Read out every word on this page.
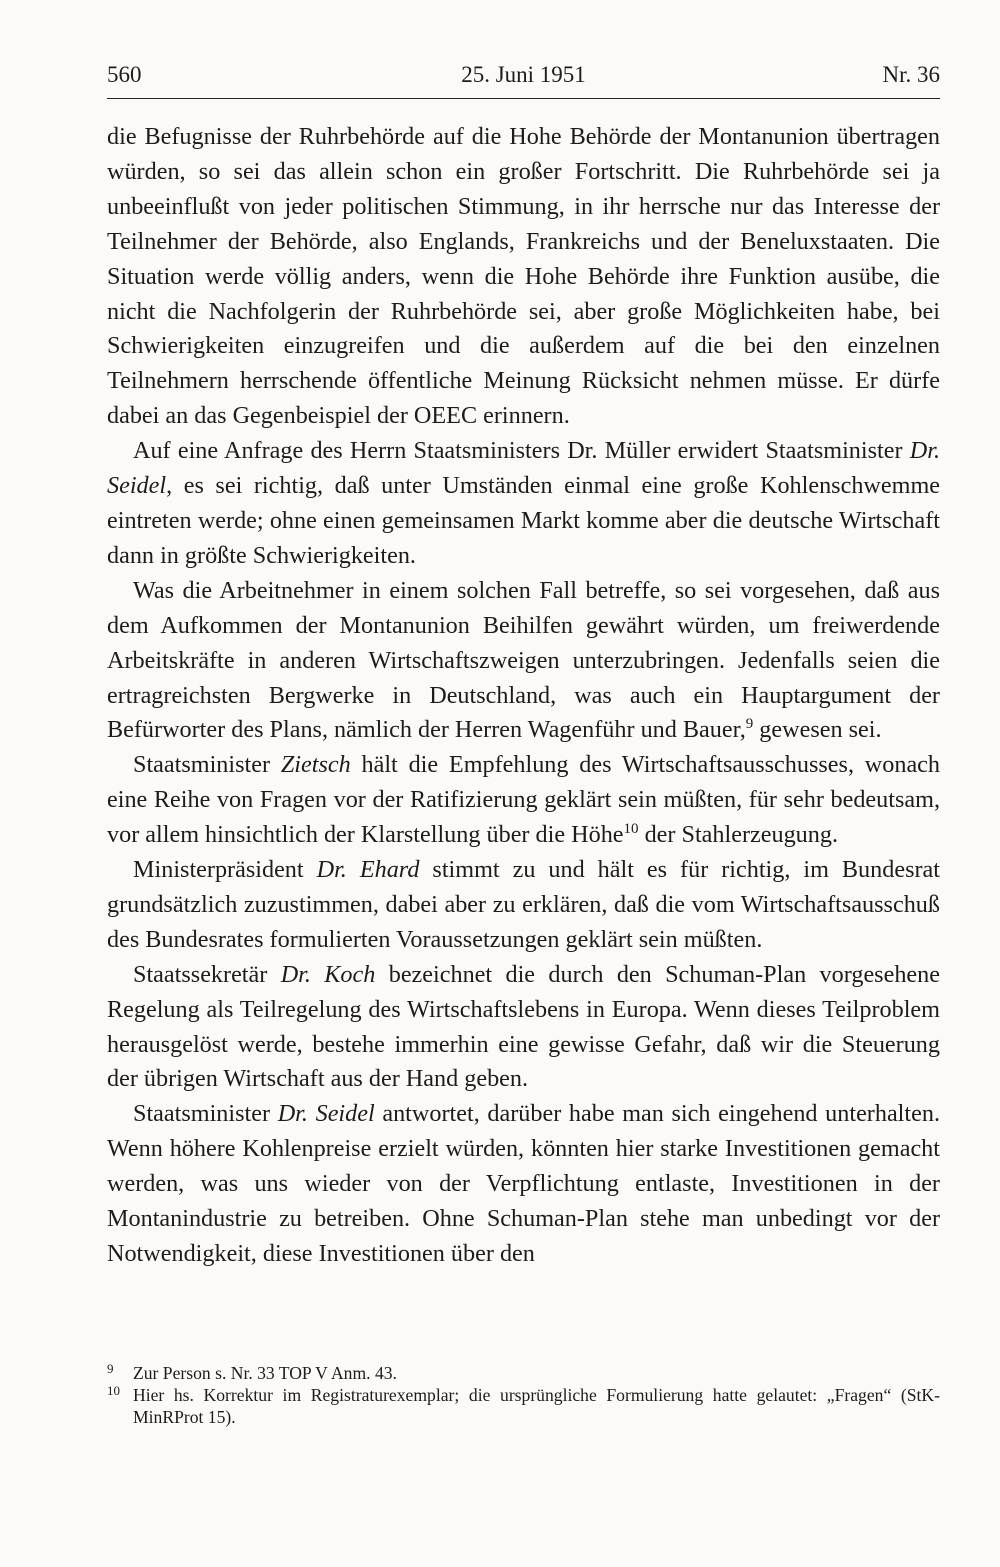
560	25. Juni 1951	Nr. 36

die Befugnisse der Ruhrbehörde auf die Hohe Behörde der Montanunion übertragen würden, so sei das allein schon ein großer Fortschritt. Die Ruhrbehörde sei ja unbeeinflußt von jeder politischen Stimmung, in ihr herrsche nur das Interesse der Teilnehmer der Behörde, also Englands, Frankreichs und der Beneluxstaaten. Die Situation werde völlig anders, wenn die Hohe Behörde ihre Funktion ausübe, die nicht die Nachfolgerin der Ruhrbehörde sei, aber große Möglichkeiten habe, bei Schwierigkeiten einzugreifen und die außerdem auf die bei den einzelnen Teilnehmern herrschende öffentliche Meinung Rücksicht nehmen müsse. Er dürfe dabei an das Gegenbeispiel der OEEC erinnern.

Auf eine Anfrage des Herrn Staatsministers Dr. Müller erwidert Staatsminister Dr. Seidel, es sei richtig, daß unter Umständen einmal eine große Kohlenschwemme eintreten werde; ohne einen gemeinsamen Markt komme aber die deutsche Wirtschaft dann in größte Schwierigkeiten.

Was die Arbeitnehmer in einem solchen Fall betreffe, so sei vorgesehen, daß aus dem Aufkommen der Montanunion Beihilfen gewährt würden, um freiwerdende Arbeitskräfte in anderen Wirtschaftszweigen unterzubringen. Jedenfalls seien die ertragreichsten Bergwerke in Deutschland, was auch ein Hauptargument der Befürworter des Plans, nämlich der Herren Wagenführ und Bauer,$^9$ gewesen sei.

Staatsminister Zietsch hält die Empfehlung des Wirtschaftsausschusses, wonach eine Reihe von Fragen vor der Ratifizierung geklärt sein müßten, für sehr bedeutsam, vor allem hinsichtlich der Klarstellung über die Höhe$^{10}$ der Stahlerzeugung.

Ministerpräsident Dr. Ehard stimmt zu und hält es für richtig, im Bundesrat grundsätzlich zuzustimmen, dabei aber zu erklären, daß die vom Wirtschaftsausschuß des Bundesrates formulierten Voraussetzungen geklärt sein müßten.

Staatssekretär Dr. Koch bezeichnet die durch den Schuman-Plan vorgesehene Regelung als Teilregelung des Wirtschaftslebens in Europa. Wenn dieses Teilproblem herausgelöst werde, bestehe immerhin eine gewisse Gefahr, daß wir die Steuerung der übrigen Wirtschaft aus der Hand geben.

Staatsminister Dr. Seidel antwortet, darüber habe man sich eingehend unterhalten. Wenn höhere Kohlenpreise erzielt würden, könnten hier starke Investitionen gemacht werden, was uns wieder von der Verpflichtung entlaste, Investitionen in der Montanindustrie zu betreiben. Ohne Schuman-Plan stehe man unbedingt vor der Notwendigkeit, diese Investitionen über den

9 Zur Person s. Nr. 33 TOP V Anm. 43.
10 Hier hs. Korrektur im Registraturexemplar; die ursprüngliche Formulierung hatte gelautet: „Fragen“ (StK-MinRProt 15).
